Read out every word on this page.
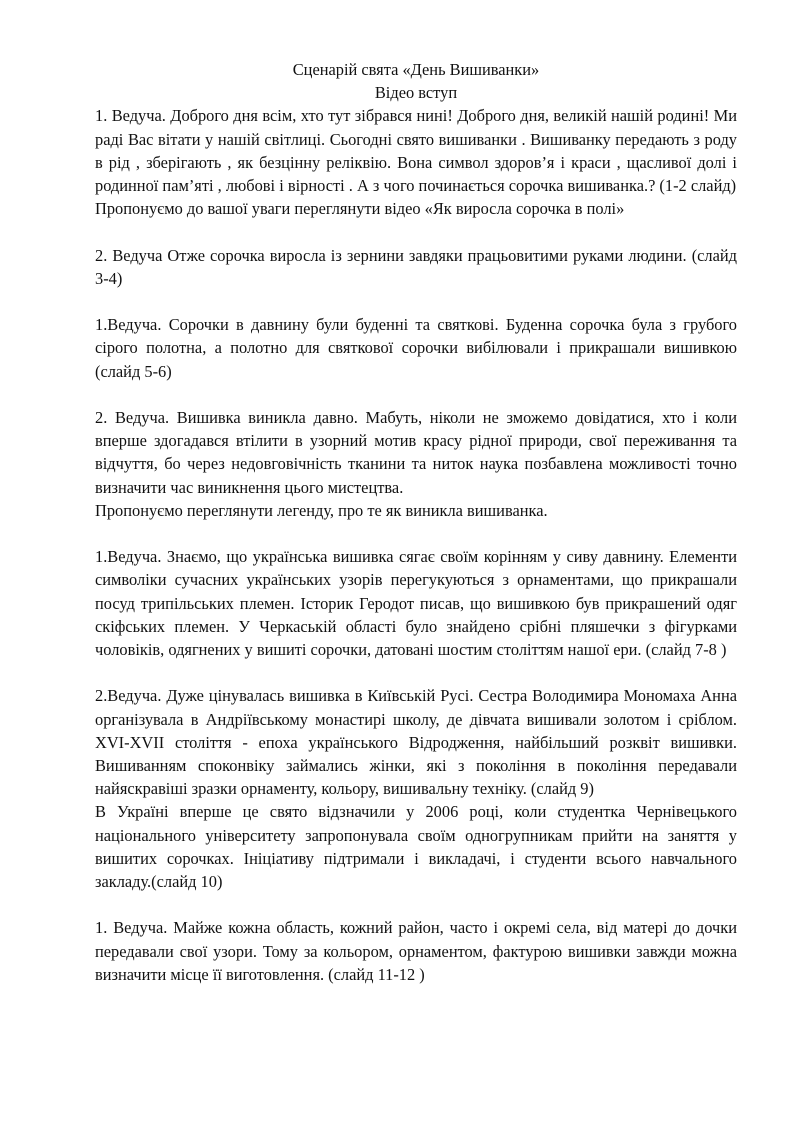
Сценарій свята «День Вишиванки»

Відео вступ

1. Ведуча. Доброго дня всім, хто тут зібрався нині! Доброго дня, великій нашій родині! Ми раді Вас вітати у нашій світлиці. Сьогодні свято вишиванки . Вишиванку передають з роду в рід , зберігають , як безцінну реліквію. Вона символ здоров’я і краси , щасливої долі і родинної пам’яті , любові і вірності . А з чого починається сорочка вишиванка.? (1-2 слайд)

Пропонуємо до вашої уваги переглянути відео «Як виросла сорочка в полі»

2. Ведуча Отже сорочка виросла із зернини завдяки працьовитими руками людини. (слайд 3-4)

1.Ведуча. Сорочки в давнину були буденні та святкові. Буденна сорочка була з грубого сірого полотна, а полотно для святкової сорочки вибілювали і прикрашали вишивкою (слайд 5-6)

2. Ведуча. Вишивка виникла давно. Мабуть, ніколи не зможемо довідатися, хто і коли вперше здогадався втілити в узорний мотив красу рідної природи, свої переживання та відчуття, бо через недовговічність тканини та ниток наука позбавлена можливості точно визначити час виникнення цього мистецтва.

Пропонуємо переглянути легенду, про те як виникла вишиванка.

1.Ведуча. Знаємо, що українська вишивка сягає своїм корінням у сиву давнину. Елементи символіки сучасних українських узорів перегукуються з орнаментами, що прикрашали посуд трипільських племен. Історик Геродот писав, що вишивкою був прикрашений одяг скіфських племен. У Черкаській області було знайдено срібні пляшечки з фігурками чоловіків, одягнених у вишиті сорочки, датовані шостим століттям нашої ери. (слайд 7-8 )

2.Ведуча. Дуже цінувалась вишивка в Київській Русі. Сестра Володимира Мономаха Анна організувала в Андріївському монастирі школу, де дівчата вишивали золотом і сріблом. XVI-XVII століття - епоха українського Відродження, найбільший розквіт вишивки. Вишиванням споконвіку займались жінки, які з покоління в покоління передавали найяскравіші зразки орнаменту, кольору, вишивальну техніку. (слайд 9)

В Україні вперше це свято відзначили у 2006 році, коли студентка Чернівецького національного університету запропонувала своїм одногрупникам прийти на заняття у вишитих сорочках. Ініціативу підтримали і викладачі, і студенти всього навчального закладу.(слайд 10)

1. Ведуча. Майже кожна область, кожний район, часто і окремі села, від матері до дочки передавали свої узори. Тому за кольором, орнаментом, фактурою вишивки завжди можна визначити місце її виготовлення. (слайд 11-12 )
